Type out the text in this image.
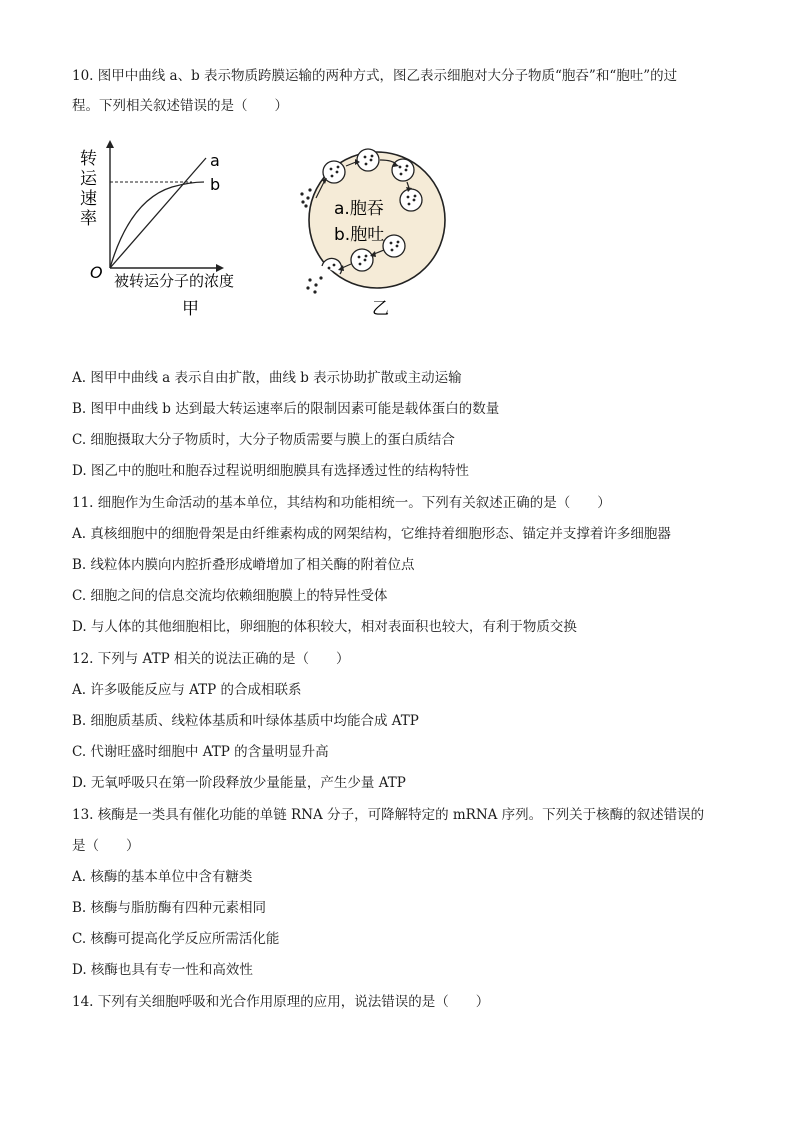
10. 图甲中曲线 a、b 表示物质跨膜运输的两种方式，图乙表示细胞对大分子物质“胞吞”和“胞吐”的过
程。下列相关叙述错误的是（　　）
转
运
速
率
O
a
b
被转运分子的浓度
甲
a.胞吞
b.胞吐
乙
A. 图甲中曲线 a 表示自由扩散，曲线 b 表示协助扩散或主动运输
B. 图甲中曲线 b 达到最大转运速率后的限制因素可能是载体蛋白的数量
C. 细胞摄取大分子物质时，大分子物质需要与膜上的蛋白质结合
D. 图乙中的胞吐和胞吞过程说明细胞膜具有选择透过性的结构特性
11. 细胞作为生命活动的基本单位，其结构和功能相统一。下列有关叙述正确的是（　　）
A. 真核细胞中的细胞骨架是由纤维素构成的网架结构，它维持着细胞形态、锚定并支撑着许多细胞器
B. 线粒体内膜向内腔折叠形成嵴增加了相关酶的附着位点
C. 细胞之间的信息交流均依赖细胞膜上的特异性受体
D. 与人体的其他细胞相比，卵细胞的体积较大，相对表面积也较大，有利于物质交换
12. 下列与 ATP 相关的说法正确的是（　　）
A. 许多吸能反应与 ATP 的合成相联系
B. 细胞质基质、线粒体基质和叶绿体基质中均能合成 ATP
C. 代谢旺盛时细胞中 ATP 的含量明显升高
D. 无氧呼吸只在第一阶段释放少量能量，产生少量 ATP
13. 核酶是一类具有催化功能的单链 RNA 分子，可降解特定的 mRNA 序列。下列关于核酶的叙述错误的
是（　　）
A. 核酶的基本单位中含有糖类
B. 核酶与脂肪酶有四种元素相同
C. 核酶可提高化学反应所需活化能
D. 核酶也具有专一性和高效性
14. 下列有关细胞呼吸和光合作用原理的应用，说法错误的是（　　）
